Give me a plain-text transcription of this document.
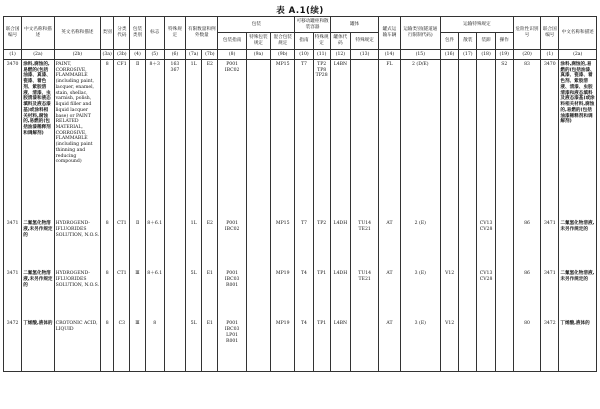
表 A.1(续)
联合国编号	中文名称和描述	英文名称和描述	类别	分类代码	包装类别	标志	特殊规定	有限数量和例外数量		包装			可移动罐柜和散装容器		罐体		罐式运输车辆	运输类别(隧道通行限制代码)	运输特殊规定				危险性识别号	联合国编号	中文名称和描述
										包装指南	特殊包装规定	混合包装规定	指南	特殊规定	罐体代码	特殊规定			包件	散装	装卸	操作			
(1)	(2a)	(2b)	(3a)	(3b)	(4)	(5)	(6)	(7a)	(7b)	(8)	(9a)	(9b)	(10)	(11)	(12)	(13)	(14)	(15)	(16)	(17)	(18)	(19)	(20)	(1)	(2a)
3470	涂料,腐蚀的,易燃的(包括油漆、真漆、瓷漆、着色剂、紫胶溶液、清漆、虫胶清漆和液态填料及液态漆基)或涂料相关材料,腐蚀的,易燃的(包括油漆稀释剂和调解剂)	PAINT, CORROSIVE, FLAMMABLE (including paint, lacquer, enamel, stain, shellac, varnish, polish, liquid filler and liquid lacquer base) or PAINT RELATED MATERIAL, CORROSIVE, FLAMMABLE (including paint thinning and reducing compound)	8	CF1	Ⅱ	8＋3	163 367	1L	E2	P001 IBC02		MP15	T7	TP2 TP8 TP28	L4BN		FL	2 (D/E)				S2	83	3470	涂料,腐蚀的,易燃的(包括油漆、真漆、瓷漆、着色剂、紫胶溶液、清漆、虫胶清漆和液态填料及液态漆基)或涂料相关材料,腐蚀的,易燃的(包括油漆稀释剂和调解剂)
3471	二氟氢化物溶液,未另作规定的	HYDROGEND-IFLUORIDES SOLUTION, N.O.S.	8	CT1	Ⅱ	8＋6.1		1L	E2	P001 IBC02		MP15	T7	TP2	L4DH	TU14 TE21	AT	2 (E)			CV13 CV28		86	3471	二氟氢化物溶液,未另作规定的
3471	二氟氢化物溶液,未另作规定的	HYDROGEND-IFLUORIDES SOLUTION, N.O.S.	8	CT1	Ⅲ	8＋6.1		5L	E1	P001 IBC03 R001		MP19	T4	TP1	L4DH	TU14 TE21	AT	3 (E)	V12		CV13 CV28		86	3471	二氟氢化物溶液,未另作规定的
3472	丁烯酸,液体的	CROTONIC ACID, LIQUID	8	C3	Ⅲ	8		5L	E1	P001 IBC03 LP01 R001		MP19	T4	TP1	L4BN		AT	3 (E)	V12				80	3472	丁烯酸,液体的
